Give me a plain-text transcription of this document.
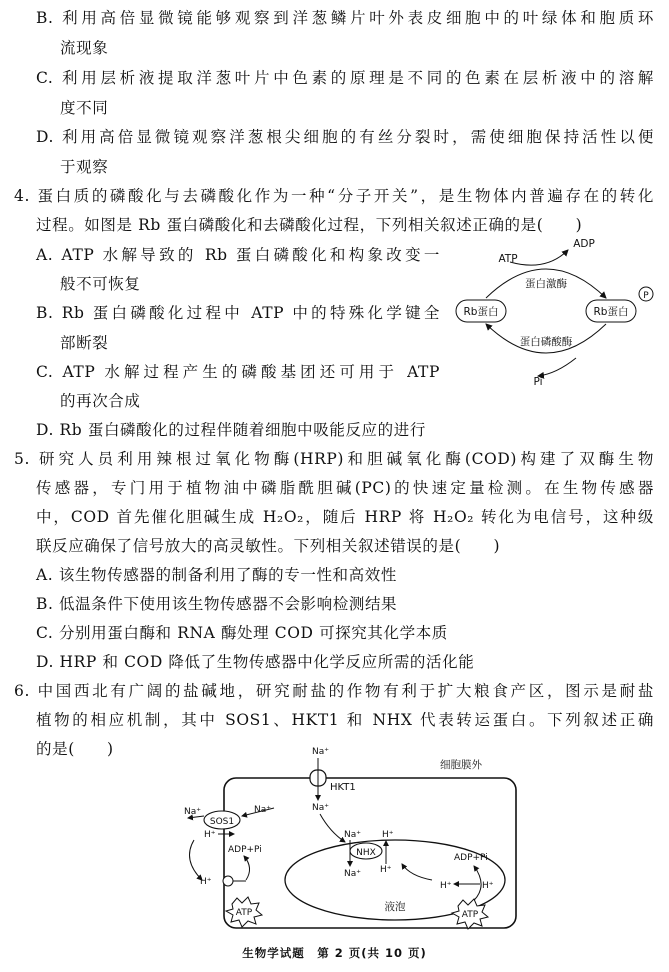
B. 利用高倍显微镜能够观察到洋葱鳞片叶外表皮细胞中的叶绿体和胞质环
流现象
C. 利用层析液提取洋葱叶片中色素的原理是不同的色素在层析液中的溶解
度不同
D. 利用高倍显微镜观察洋葱根尖细胞的有丝分裂时，需使细胞保持活性以便
于观察
4. 蛋白质的磷酸化与去磷酸化作为一种“分子开关”，是生物体内普遍存在的转化
过程。如图是 Rb 蛋白磷酸化和去磷酸化过程，下列相关叙述正确的是(　　)
A. ATP 水解导致的 Rb 蛋白磷酸化和构象改变一
般不可恢复
B. Rb 蛋白磷酸化过程中 ATP 中的特殊化学键全
部断裂
C. ATP 水解过程产生的磷酸基团还可用于 ATP
的再次合成
D. Rb 蛋白磷酸化的过程伴随着细胞中吸能反应的进行
Rb蛋白	Rb蛋白
P
蛋白激酶
ATP
ADP
蛋白磷酸酶
Pi
5. 研究人员利用辣根过氧化物酶(HRP)和胆碱氧化酶(COD)构建了双酶生物
传感器，专门用于植物油中磷脂酰胆碱(PC)的快速定量检测。在生物传感器
中，COD 首先催化胆碱生成 H₂O₂，随后 HRP 将 H₂O₂ 转化为电信号，这种级
联反应确保了信号放大的高灵敏性。下列相关叙述错误的是(　　)
A. 该生物传感器的制备利用了酶的专一性和高效性
B. 低温条件下使用该生物传感器不会影响检测结果
C. 分别用蛋白酶和 RNA 酶处理 COD 可探究其化学本质
D. HRP 和 COD 降低了生物传感器中化学反应所需的活化能
6. 中国西北有广阔的盐碱地，研究耐盐的作物有利于扩大粮食产区，图示是耐盐
植物的相应机制，其中 SOS1、HKT1 和 NHX 代表转运蛋白。下列叙述正确
的是(　　)
细胞膜外
HKT1
Na⁺
Na⁺
SOS1
Na⁺	Na⁺
H⁺
H⁺
ADP+Pi
ATP	液泡
NHX
Na⁺
Na⁺
H⁺
H⁺
H⁺	H⁺
ADP+Pi
ATP
生物学试题　第 2 页(共 10 页)
